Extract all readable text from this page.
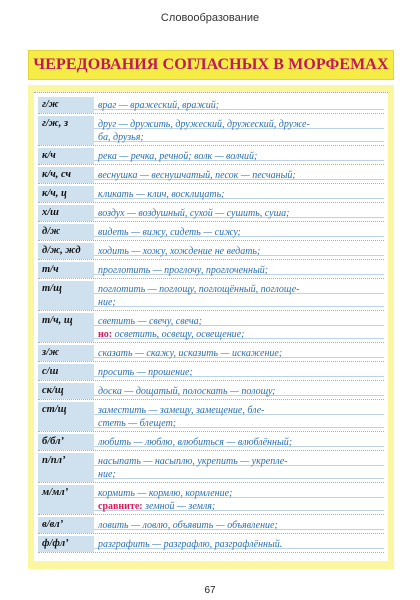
Словообразование
ЧЕРЕДОВАНИЯ СОГЛАСНЫХ В МОРФЕМАХ
г/ж	враг — вражеский, вражий;
г/ж, з	друг — дружить, дружеский, дружеский, друже-
ба, друзья;
к/ч	река — речка, речной; волк — волчий;
к/ч, сч	веснушка — веснушчатый, песок — песчаный;
к/ч, ц	кликать — клич, восклицать;
х/ш	воздух — воздушный, сухой — сушить, суша;
д/ж	видеть — вижу, сидеть — сижу;
д/ж, жд	ходить — хожу, хождение не ведать;
т/ч	проглотить — проглочу, проглоченный;
т/щ	поглотить — поглощу, поглощённый, поглоще-
ние;
т/ч, щ	светить — свечу, свеча;
но: осветить, освещу, освещение;
з/ж	сказать — скажу, исказить — искажение;
с/ш	просить — прошение;
ск/щ	доска — дощатый, полоскать — полощу;
ст/щ	заместить — замещу, замещение, бле-
стеть — блещет;
б/бл’	любить — люблю, влюбиться — влюблённый;
п/пл’	насыпать — насыплю, укрепить — укрепле-
ние;
м/мл’	кормить — кормлю, кормление;
сравните: земной — земля;
в/вл’	ловить — ловлю, объявить — объявление;
ф/фл’	разграфить — разграфлю, разграфлённый.
67
